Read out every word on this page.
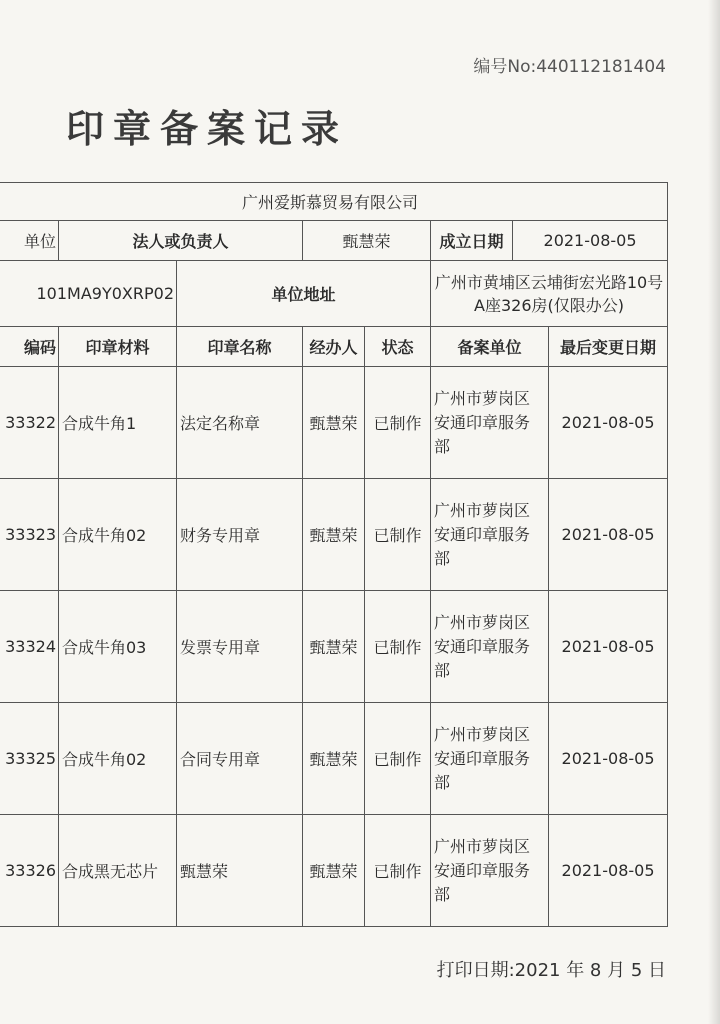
编号No:440112181404
印章备案记录
广州爱斯慕贸易有限公司							
单位	法人或负责人		甄慧荣		成立日期	2021-08-05	
101MA9Y0XRP02		单位地址			广州市黄埔区云埔街宏光路10号A座326房(仅限办公)		
编码	印章材料	印章名称	经办人	状态	备案单位		最后变更日期
33322	合成牛角1	法定名称章	甄慧荣	已制作	广州市萝岗区安通印章服务部		2021-08-05
33323	合成牛角02	财务专用章	甄慧荣	已制作	广州市萝岗区安通印章服务部		2021-08-05
33324	合成牛角03	发票专用章	甄慧荣	已制作	广州市萝岗区安通印章服务部		2021-08-05
33325	合成牛角02	合同专用章	甄慧荣	已制作	广州市萝岗区安通印章服务部		2021-08-05
33326	合成黑无芯片	甄慧荣	甄慧荣	已制作	广州市萝岗区安通印章服务部		2021-08-05
打印日期:2021 年 8 月 5 日
